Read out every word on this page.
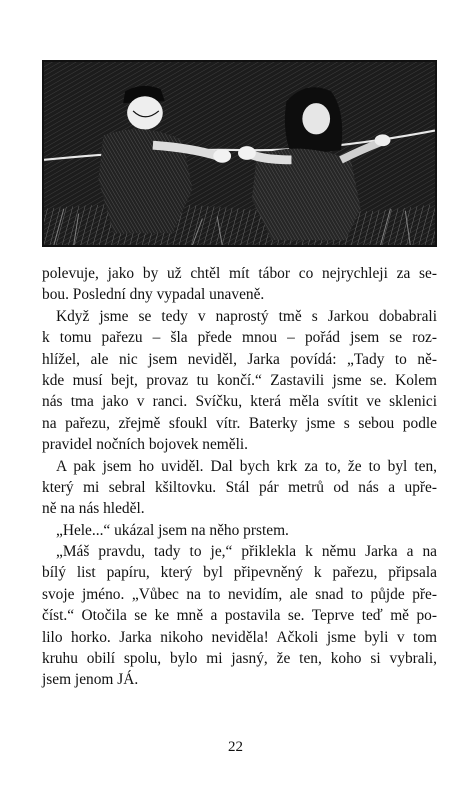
polevuje, jako by už chtěl mít tábor co nejrychleji za se-
bou. Poslední dny vypadal unaveně.
Když jsme se tedy v naprostý tmě s Jarkou dobabrali
k tomu pařezu – šla přede mnou – pořád jsem se roz-
hlížel, ale nic jsem neviděl, Jarka povídá: „Tady to ně-
kde musí bejt, provaz tu končí.“ Zastavili jsme se. Kolem
nás tma jako v ranci. Svíčku, která měla svítit ve sklenici
na pařezu, zřejmě sfoukl vítr. Baterky jsme s sebou podle
pravidel nočních bojovek neměli.
A pak jsem ho uviděl. Dal bych krk za to, že to byl ten,
který mi sebral kšiltovku. Stál pár metrů od nás a upře-
ně na nás hleděl.
„Hele...“ ukázal jsem na něho prstem.
„Máš pravdu, tady to je,“ přiklekla k němu Jarka a na
bílý list papíru, který byl připevněný k pařezu, připsala
svoje jméno. „Vůbec na to nevidím, ale snad to půjde pře-
číst.“ Otočila se ke mně a postavila se. Teprve teď mě po-
lilo horko. Jarka nikoho neviděla! Ačkoli jsme byli v tom
kruhu obilí spolu, bylo mi jasný, že ten, koho si vybrali,
jsem jenom JÁ.
22
